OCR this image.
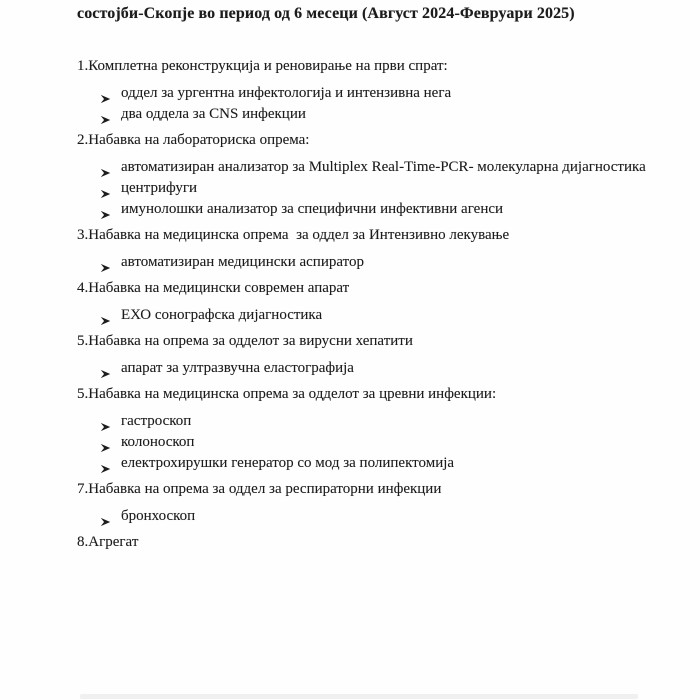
состојби-Скопје во период од 6 месеци (Август 2024-Февруари 2025)
1.Комплетна реконструкција и реновирање на први спрат:
оддел за ургентна инфектологија и интензивна нега
два оддела за CNS инфекции
2.Набавка на лабораториска опрема:
автоматизиран анализатор за Multiplex Real-Time-PCR- молекуларна дијагностика
центрифуги
имунолошки анализатор за специфични инфективни агенси
3.Набавка на медицинска опрема  за оддел за Интензивно лекување
автоматизиран медицински аспиратор
4.Набавка на медицински современ апарат
ЕХО сонографска дијагностика
5.Набавка на опрема за одделот за вирусни хепатити
апарат за ултразвучна еластографија
5.Набавка на медицинска опрема за одделот за цревни инфекции:
гастроскоп
колоноскоп
електрохирушки генератор со мод за полипектомија
7.Набавка на опрема за оддел за респираторни инфекции
бронхоскоп
8.Агрегат
